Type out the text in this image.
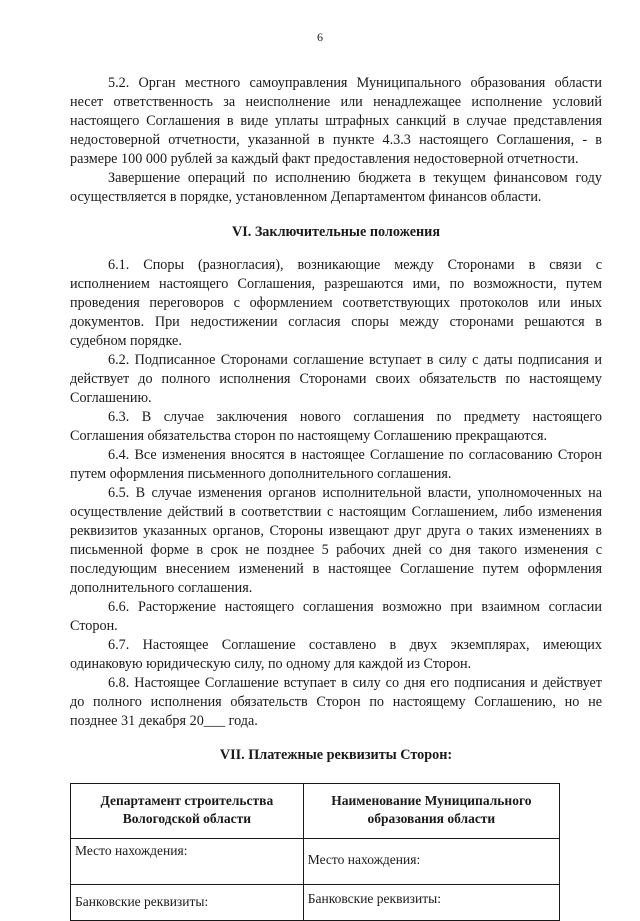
6

5.2. Орган местного самоуправления Муниципального образования области несет ответственность за неисполнение или ненадлежащее исполнение условий настоящего Соглашения в виде уплаты штрафных санкций в случае представления недостоверной отчетности, указанной в пункте 4.3.3 настоящего Соглашения, - в размере 100 000 рублей за каждый факт предоставления недостоверной отчетности.

Завершение операций по исполнению бюджета в текущем финансовом году осуществляется в порядке, установленном Департаментом финансов области.

VI. Заключительные положения

6.1. Споры (разногласия), возникающие между Сторонами в связи с исполнением настоящего Соглашения, разрешаются ими, по возможности, путем проведения переговоров с оформлением соответствующих протоколов или иных документов. При недостижении согласия споры между сторонами решаются в судебном порядке.

6.2. Подписанное Сторонами соглашение вступает в силу с даты подписания и действует до полного исполнения Сторонами своих обязательств по настоящему Соглашению.

6.3. В случае заключения нового соглашения по предмету настоящего Соглашения обязательства сторон по настоящему Соглашению прекращаются.

6.4. Все изменения вносятся в настоящее Соглашение по согласованию Сторон путем оформления письменного дополнительного соглашения.

6.5. В случае изменения органов исполнительной власти, уполномоченных на осуществление действий в соответствии с настоящим Соглашением, либо изменения реквизитов указанных органов, Стороны извещают друг друга о таких изменениях в письменной форме в срок не позднее 5 рабочих дней со дня такого изменения с последующим внесением изменений в настоящее Соглашение путем оформления дополнительного соглашения.

6.6. Расторжение настоящего соглашения возможно при взаимном согласии Сторон.

6.7. Настоящее Соглашение составлено в двух экземплярах, имеющих одинаковую юридическую силу, по одному для каждой из Сторон.

6.8. Настоящее Соглашение вступает в силу со дня его подписания и действует до полного исполнения обязательств Сторон по настоящему Соглашению, но не позднее 31 декабря 20___ года.

VII. Платежные реквизиты Сторон:

Департамент строительства Вологодской области	Наименование Муниципального образования области
Место нахождения:	Место нахождения:
Банковские реквизиты:	Банковские реквизиты:
